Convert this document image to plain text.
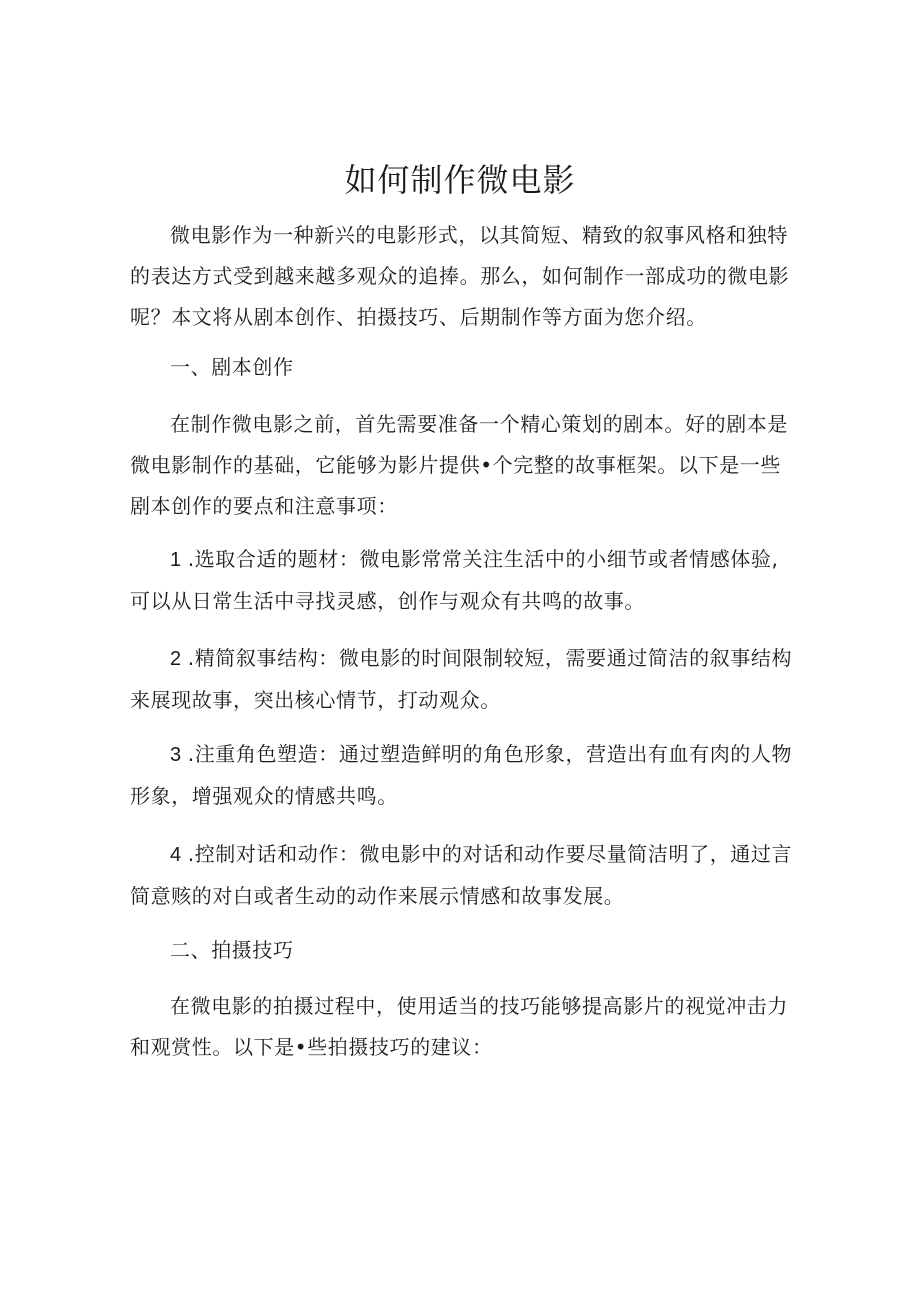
如何制作微电影

微电影作为一种新兴的电影形式，以其简短、精致的叙事风格和独特的表达方式受到越来越多观众的追捧。那么，如何制作一部成功的微电影呢？本文将从剧本创作、拍摄技巧、后期制作等方面为您介绍。

一、剧本创作

在制作微电影之前，首先需要准备一个精心策划的剧本。好的剧本是微电影制作的基础，它能够为影片提供•个完整的故事框架。以下是一些剧本创作的要点和注意事项：

1 .选取合适的题材：微电影常常关注生活中的小细节或者情感体验,可以从日常生活中寻找灵感，创作与观众有共鸣的故事。

2 .精简叙事结构：微电影的时间限制较短，需要通过简洁的叙事结构来展现故事，突出核心情节，打动观众。

3 .注重角色塑造：通过塑造鲜明的角色形象，营造出有血有肉的人物形象，增强观众的情感共鸣。

4 .控制对话和动作：微电影中的对话和动作要尽量简洁明了，通过言简意赅的对白或者生动的动作来展示情感和故事发展。

二、拍摄技巧

在微电影的拍摄过程中，使用适当的技巧能够提高影片的视觉冲击力和观赏性。以下是•些拍摄技巧的建议：
